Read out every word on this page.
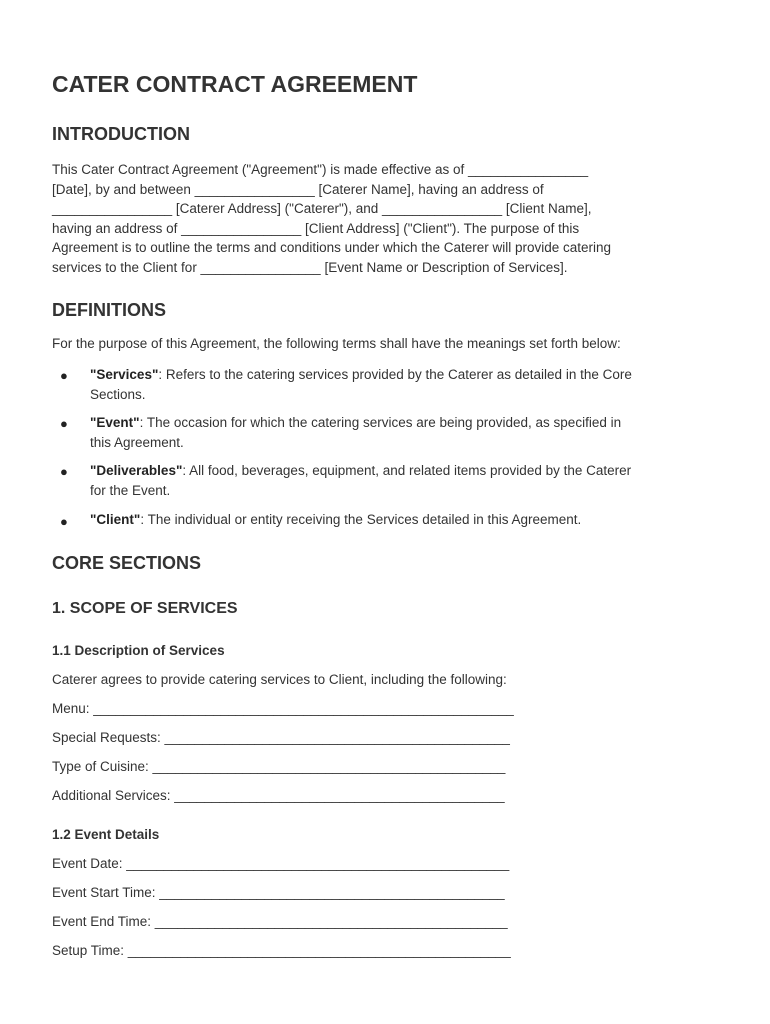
CATER CONTRACT AGREEMENT
INTRODUCTION
This Cater Contract Agreement ("Agreement") is made effective as of ________________
[Date], by and between ________________ [Caterer Name], having an address of
________________ [Caterer Address] ("Caterer"), and ________________ [Client Name],
having an address of ________________ [Client Address] ("Client"). The purpose of this
Agreement is to outline the terms and conditions under which the Caterer will provide catering
services to the Client for ________________ [Event Name or Description of Services].
DEFINITIONS
For the purpose of this Agreement, the following terms shall have the meanings set forth below:
● "Services": Refers to the catering services provided by the Caterer as detailed in the Core
Sections.
● "Event": The occasion for which the catering services are being provided, as specified in
this Agreement.
● "Deliverables": All food, beverages, equipment, and related items provided by the Caterer
for the Event.
● "Client": The individual or entity receiving the Services detailed in this Agreement.
CORE SECTIONS
1. SCOPE OF SERVICES
1.1 Description of Services
Caterer agrees to provide catering services to Client, including the following:
Menu: ________________________________________________________
Special Requests: ______________________________________________
Type of Cuisine: _______________________________________________
Additional Services: ____________________________________________
1.2 Event Details
Event Date: ___________________________________________________
Event Start Time: ______________________________________________
Event End Time: _______________________________________________
Setup Time: ___________________________________________________
